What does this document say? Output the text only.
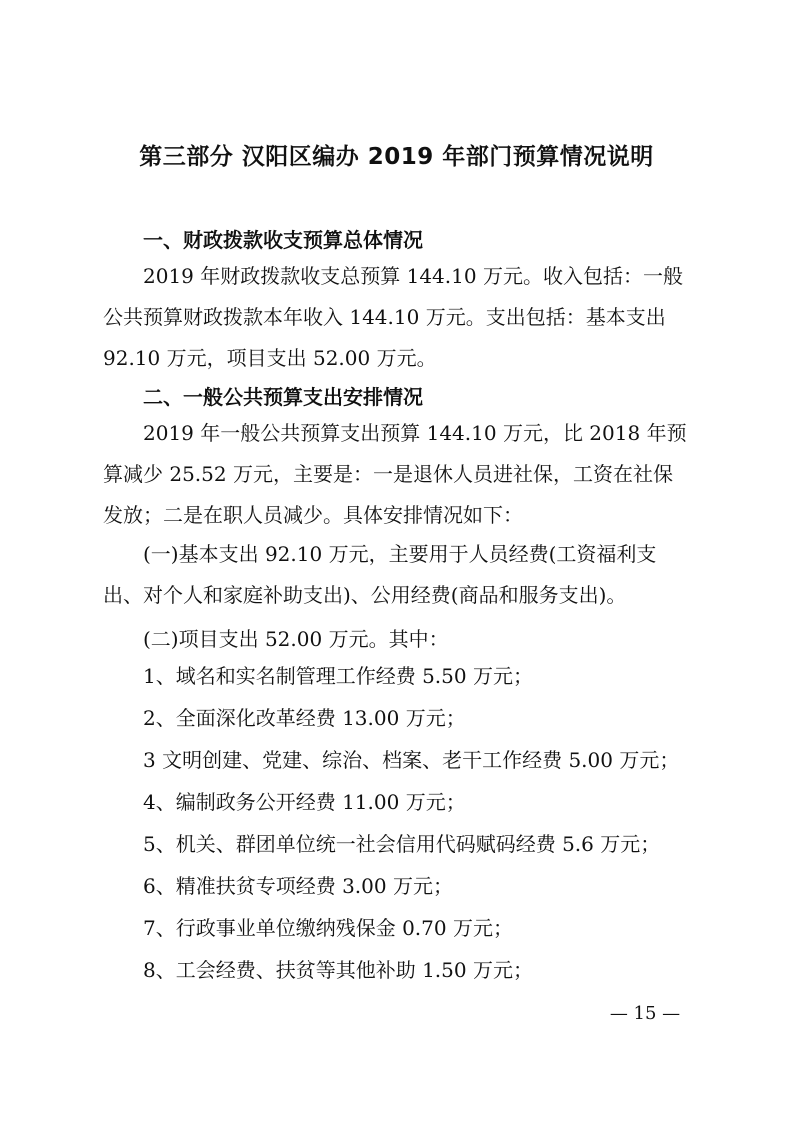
第三部分 汉阳区编办 2019 年部门预算情况说明
一、财政拨款收支预算总体情况
2019 年财政拨款收支总预算 144.10 万元。收入包括：一般
公共预算财政拨款本年收入 144.10 万元。支出包括：基本支出
92.10 万元，项目支出 52.00 万元。
二、一般公共预算支出安排情况
2019 年一般公共预算支出预算 144.10 万元，比 2018 年预
算减少 25.52 万元，主要是：一是退休人员进社保，工资在社保
发放；二是在职人员减少。具体安排情况如下：
(一)基本支出 92.10 万元，主要用于人员经费(工资福利支
出、对个人和家庭补助支出)、公用经费(商品和服务支出)。
(二)项目支出 52.00 万元。其中：
1、域名和实名制管理工作经费 5.50 万元；
2、全面深化改革经费 13.00 万元；
3 文明创建、党建、综治、档案、老干工作经费 5.00 万元；
4、编制政务公开经费 11.00 万元；
5、机关、群团单位统一社会信用代码赋码经费 5.6 万元；
6、精准扶贫专项经费 3.00 万元；
7、行政事业单位缴纳残保金 0.70 万元；
8、工会经费、扶贫等其他补助 1.50 万元；
— 15 —
